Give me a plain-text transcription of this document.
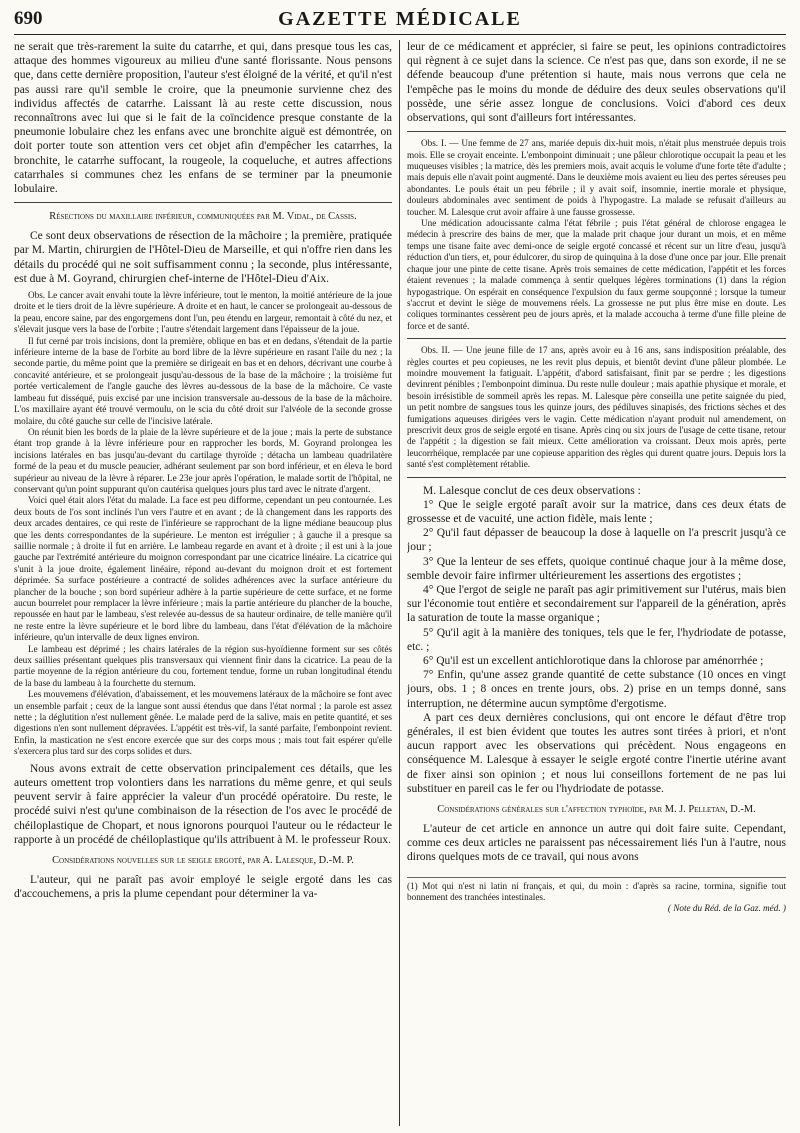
690	GAZETTE MÉDICALE

ne serait que très-rarement la suite du catarrhe, et qui, dans presque tous les cas, attaque des hommes vigoureux au milieu d'une santé florissante. Nous pensons que, dans cette dernière proposition, l'auteur s'est éloigné de la vérité, et qu'il n'est pas aussi rare qu'il semble le croire, que la pneumonie survienne chez des individus affectés de catarrhe. Laissant là au reste cette discussion, nous reconnaîtrons avec lui que si le fait de la coïncidence presque constante de la pneumonie lobulaire chez les enfans avec une bronchite aiguë est démontrée, on doit porter toute son attention vers cet objet afin d'empêcher les catarrhes, la bronchite, le catarrhe suffocant, la rougeole, la coqueluche, et autres affections catarrhales si communes chez les enfans de se terminer par la pneumonie lobulaire.

Résections du maxillaire inférieur, communiquées par M. Vidal, de Cassis.

Ce sont deux observations de résection de la mâchoire ; la première, pratiquée par M. Martin, chirurgien de l'Hôtel-Dieu de Marseille, et qui n'offre rien dans les détails du procédé qui ne soit suffisamment connu ; la seconde, plus intéressante, est due à M. Goyrand, chirurgien chef-interne de l'Hôtel-Dieu d'Aix.

Obs. Le cancer avait envahi toute la lèvre inférieure, tout le menton, la moitié antérieure de la joue droite et le tiers droit de la lèvre supérieure. A droite et en haut, le cancer se prolongeait au-dessous de la peau, encore saine, par des engorgemens dont l'un, peu étendu en largeur, remontait à côté du nez, et s'élevait jusque vers la base de l'orbite ; l'autre s'étendait largement dans l'épaisseur de la joue.

Il fut cerné par trois incisions, dont la première, oblique en bas et en dedans, s'étendait de la partie inférieure interne de la base de l'orbite au bord libre de la lèvre supérieure en rasant l'aile du nez ; la seconde partie, du même point que la première se dirigeait en bas et en dehors, décrivant une courbe à concavité antérieure, et se prolongeait jusqu'au-dessous de la base de la mâchoire ; la troisième fut portée verticalement de l'angle gauche des lèvres au-dessous de la base de la mâchoire. Ce vaste lambeau fut disséqué, puis excisé par une incision transversale au-dessous de la base de la mâchoire. L'os maxillaire ayant été trouvé vermoulu, on le scia du côté droit sur l'alvéole de la seconde grosse molaire, du côté gauche sur celle de l'incisive latérale.

On réunit bien les bords de la plaie de la lèvre supérieure et de la joue ; mais la perte de substance étant trop grande à la lèvre inférieure pour en rapprocher les bords, M. Goyrand prolongea les incisions latérales en bas jusqu'au-devant du cartilage thyroïde ; détacha un lambeau quadrilatère formé de la peau et du muscle peaucier, adhérant seulement par son bord inférieur, et en éleva le bord supérieur au niveau de la lèvre à réparer. Le 23e jour après l'opération, le malade sortit de l'hôpital, ne conservant qu'un point suppurant qu'on cautérisa quelques jours plus tard avec le nitrate d'argent.

Voici quel était alors l'état du malade. La face est peu difforme, cependant un peu contournée. Les deux bouts de l'os sont inclinés l'un vers l'autre et en avant ; de là changement dans les rapports des deux arcades dentaires, ce qui reste de l'inférieure se rapprochant de la ligne médiane beaucoup plus que les dents correspondantes de la supérieure. Le menton est irrégulier ; à gauche il a presque sa saillie normale ; à droite il fut en arrière. Le lambeau regarde en avant et à droite ; il est uni à la joue gauche par l'extrémité antérieure du moignon correspondant par une cicatrice linéaire. La cicatrice qui s'unit à la joue droite, également linéaire, répond au-devant du moignon droit et est fortement déprimée. Sa surface postérieure a contracté de solides adhérences avec la surface antérieure du plancher de la bouche ; son bord supérieur adhère à la partie supérieure de cette surface, et ne forme aucun bourrelet pour remplacer la lèvre inférieure ; mais la partie antérieure du plancher de la bouche, repoussée en haut par le lambeau, s'est relevée au-dessus de sa hauteur ordinaire, de telle manière qu'il ne reste entre la lèvre supérieure et le bord libre du lambeau, dans l'état d'élévation de la mâchoire inférieure, qu'un intervalle de deux lignes environ.

Le lambeau est déprimé ; les chairs latérales de la région sus-hyoïdienne forment sur ses côtés deux saillies présentant quelques plis transversaux qui viennent finir dans la cicatrice. La peau de la partie moyenne de la région antérieure du cou, fortement tendue, forme un ruban longitudinal étendu de la base du lambeau à la fourchette du sternum.

Les mouvemens d'élévation, d'abaissement, et les mouvemens latéraux de la mâchoire se font avec un ensemble parfait ; ceux de la langue sont aussi étendus que dans l'état normal ; la parole est assez nette ; la déglutition n'est nullement gênée. Le malade perd de la salive, mais en petite quantité, et ses digestions n'en sont nullement dépravées. L'appétit est très-vif, la santé parfaite, l'embonpoint revient. Enfin, la mastication ne s'est encore exercée que sur des corps mous ; mais tout fait espérer qu'elle s'exercera plus tard sur des corps solides et durs.

Nous avons extrait de cette observation principalement ces détails, que les auteurs omettent trop volontiers dans les narrations du même genre, et qui seuls peuvent servir à faire apprécier la valeur d'un procédé opératoire. Du reste, le procédé suivi n'est qu'une combinaison de la résection de l'os avec le procédé de chéiloplastique de Chopart, et nous ignorons pourquoi l'auteur ou le rédacteur le rapporte à un procédé de chéiloplastique qu'ils attribuent à M. le professeur Roux.

Considérations nouvelles sur le seigle ergoté, par A. Lalesque, D.-M. P.

L'auteur, qui ne paraît pas avoir employé le seigle ergoté dans les cas d'accouchemens, a pris la plume cependant pour déterminer la va-

leur de ce médicament et apprécier, si faire se peut, les opinions contradictoires qui règnent à ce sujet dans la science. Ce n'est pas que, dans son exorde, il ne se défende beaucoup d'une prétention si haute, mais nous verrons que cela ne l'empêche pas le moins du monde de déduire des deux seules observations qu'il possède, une série assez longue de conclusions. Voici d'abord ces deux observations, qui sont d'ailleurs fort intéressantes.

Obs. I. — Une femme de 27 ans, mariée depuis dix-huit mois, n'était plus menstruée depuis trois mois. Elle se croyait enceinte. L'embonpoint diminuait ; une pâleur chlorotique occupait la peau et les muqueuses visibles ; la matrice, dès les premiers mois, avait acquis le volume d'une forte tête d'adulte ; mais depuis elle n'avait point augmenté. Dans le deuxième mois avaient eu lieu des pertes séreuses peu abondantes. Le pouls était un peu fébrile ; il y avait soif, insomnie, inertie morale et physique, douleurs abdominales avec sentiment de poids à l'hypogastre. La malade se refusait d'ailleurs au toucher. M. Lalesque crut avoir affaire à une fausse grossesse.

Une médication adoucissante calma l'état fébrile ; puis l'état général de chlorose engagea le médecin à prescrire des bains de mer, que la malade prit chaque jour durant un mois, et en même temps une tisane faite avec demi-once de seigle ergoté concassé et récent sur un litre d'eau, jusqu'à réduction d'un tiers, et, pour édulcorer, du sirop de quinquina à la dose d'une once par jour. Elle prenait chaque jour une pinte de cette tisane. Après trois semaines de cette médication, l'appétit et les forces étaient revenues ; la malade commença à sentir quelques légères torminations (1) dans la région hypogastrique. On espérait en conséquence l'expulsion du faux germe soupçonné ; lorsque la tumeur s'accrut et devint le siège de mouvemens réels. La grossesse ne put plus être mise en doute. Les coliques torminantes cessèrent peu de jours après, et la malade accoucha à terme d'une fille pleine de force et de santé.

Obs. II. — Une jeune fille de 17 ans, après avoir eu à 16 ans, sans indisposition préalable, des règles courtes et peu copieuses, ne les revit plus depuis, et bientôt devint d'une pâleur plombée. Le moindre mouvement la fatiguait. L'appétit, d'abord satisfaisant, finit par se perdre ; les digestions devinrent pénibles ; l'embonpoint diminua. Du reste nulle douleur ; mais apathie physique et morale, et besoin irrésistible de sommeil après les repas. M. Lalesque père conseilla une petite saignée du pied, un petit nombre de sangsues tous les quinze jours, des pédiluves sinapisés, des frictions sèches et des fumigations aqueuses dirigées vers le vagin. Cette médication n'ayant produit nul amendement, on prescrivit deux gros de seigle ergoté en tisane. Après cinq ou six jours de l'usage de cette tisane, retour de l'appétit ; la digestion se fait mieux. Cette amélioration va croissant. Deux mois après, perte leucorrhéique, remplacée par une copieuse apparition des règles qui durent quatre jours. Depuis lors la santé s'est complètement rétablie.

M. Lalesque conclut de ces deux observations :

1° Que le seigle ergoté paraît avoir sur la matrice, dans ces deux états de grossesse et de vacuité, une action fidèle, mais lente ;

2° Qu'il faut dépasser de beaucoup la dose à laquelle on l'a prescrit jusqu'à ce jour ;

3° Que la lenteur de ses effets, quoique continué chaque jour à la même dose, semble devoir faire infirmer ultérieurement les assertions des ergotistes ;

4° Que l'ergot de seigle ne paraît pas agir primitivement sur l'utérus, mais bien sur l'économie tout entière et secondairement sur l'appareil de la génération, après la saturation de toute la masse organique ;

5° Qu'il agit à la manière des toniques, tels que le fer, l'hydriodate de potasse, etc. ;

6° Qu'il est un excellent antichlorotique dans la chlorose par aménorrhée ;

7° Enfin, qu'une assez grande quantité de cette substance (10 onces en vingt jours, obs. 1 ; 8 onces en trente jours, obs. 2) prise en un temps donné, sans interruption, ne détermine aucun symptôme d'ergotisme.

A part ces deux dernières conclusions, qui ont encore le défaut d'être trop générales, il est bien évident que toutes les autres sont tirées à priori, et n'ont aucun rapport avec les observations qui précèdent. Nous engageons en conséquence M. Lalesque à essayer le seigle ergoté contre l'inertie utérine avant de fixer ainsi son opinion ; et nous lui conseillons fortement de ne pas lui substituer en pareil cas le fer ou l'hydriodate de potasse.

Considérations générales sur l'affection typhoïde, par M. J. Pelletan, D.-M.

L'auteur de cet article en annonce un autre qui doit faire suite. Cependant, comme ces deux articles ne paraissent pas nécessairement liés l'un à l'autre, nous dirons quelques mots de ce travail, qui nous avons

(1) Mot qui n'est ni latin ni français, et qui, du moin : d'après sa racine, tormina, signifie tout bonnement des tranchées intestinales.

( Note du Réd. de la Gaz. méd. )
